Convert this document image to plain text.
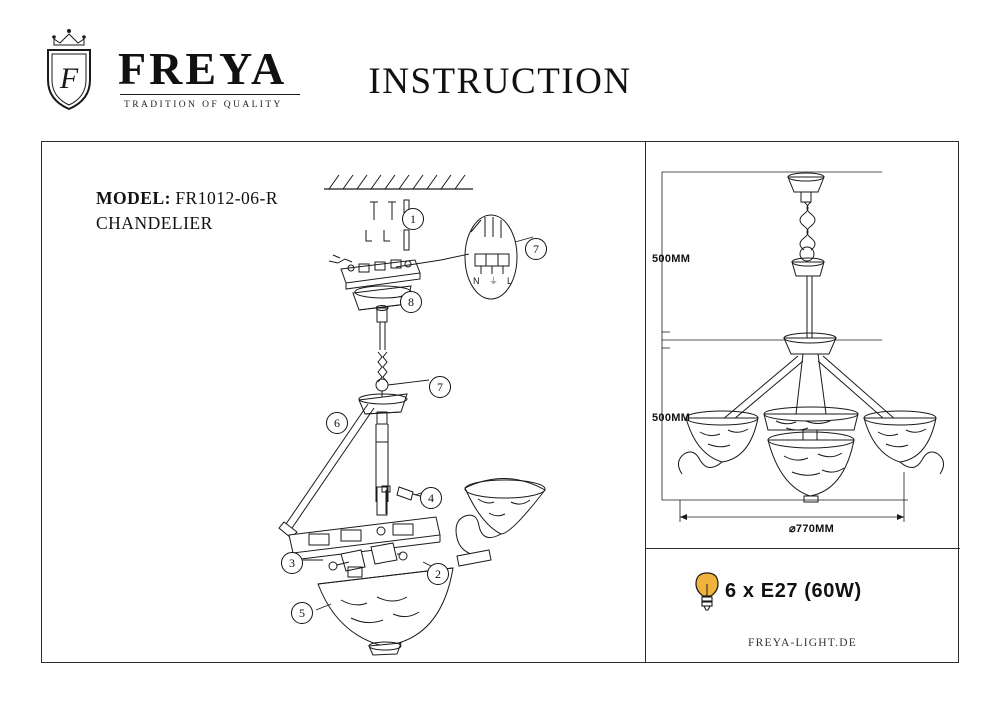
F FREYA
TRADITION OF QUALITY
INSTRUCTION
MODEL: FR1012-06-R
CHANDELIER
N ⏚ L
1
7
8
7
6
4
3
2
5
500MM
500MM
⌀770MM
6 x E27 (60W)
FREYA-LIGHT.DE
